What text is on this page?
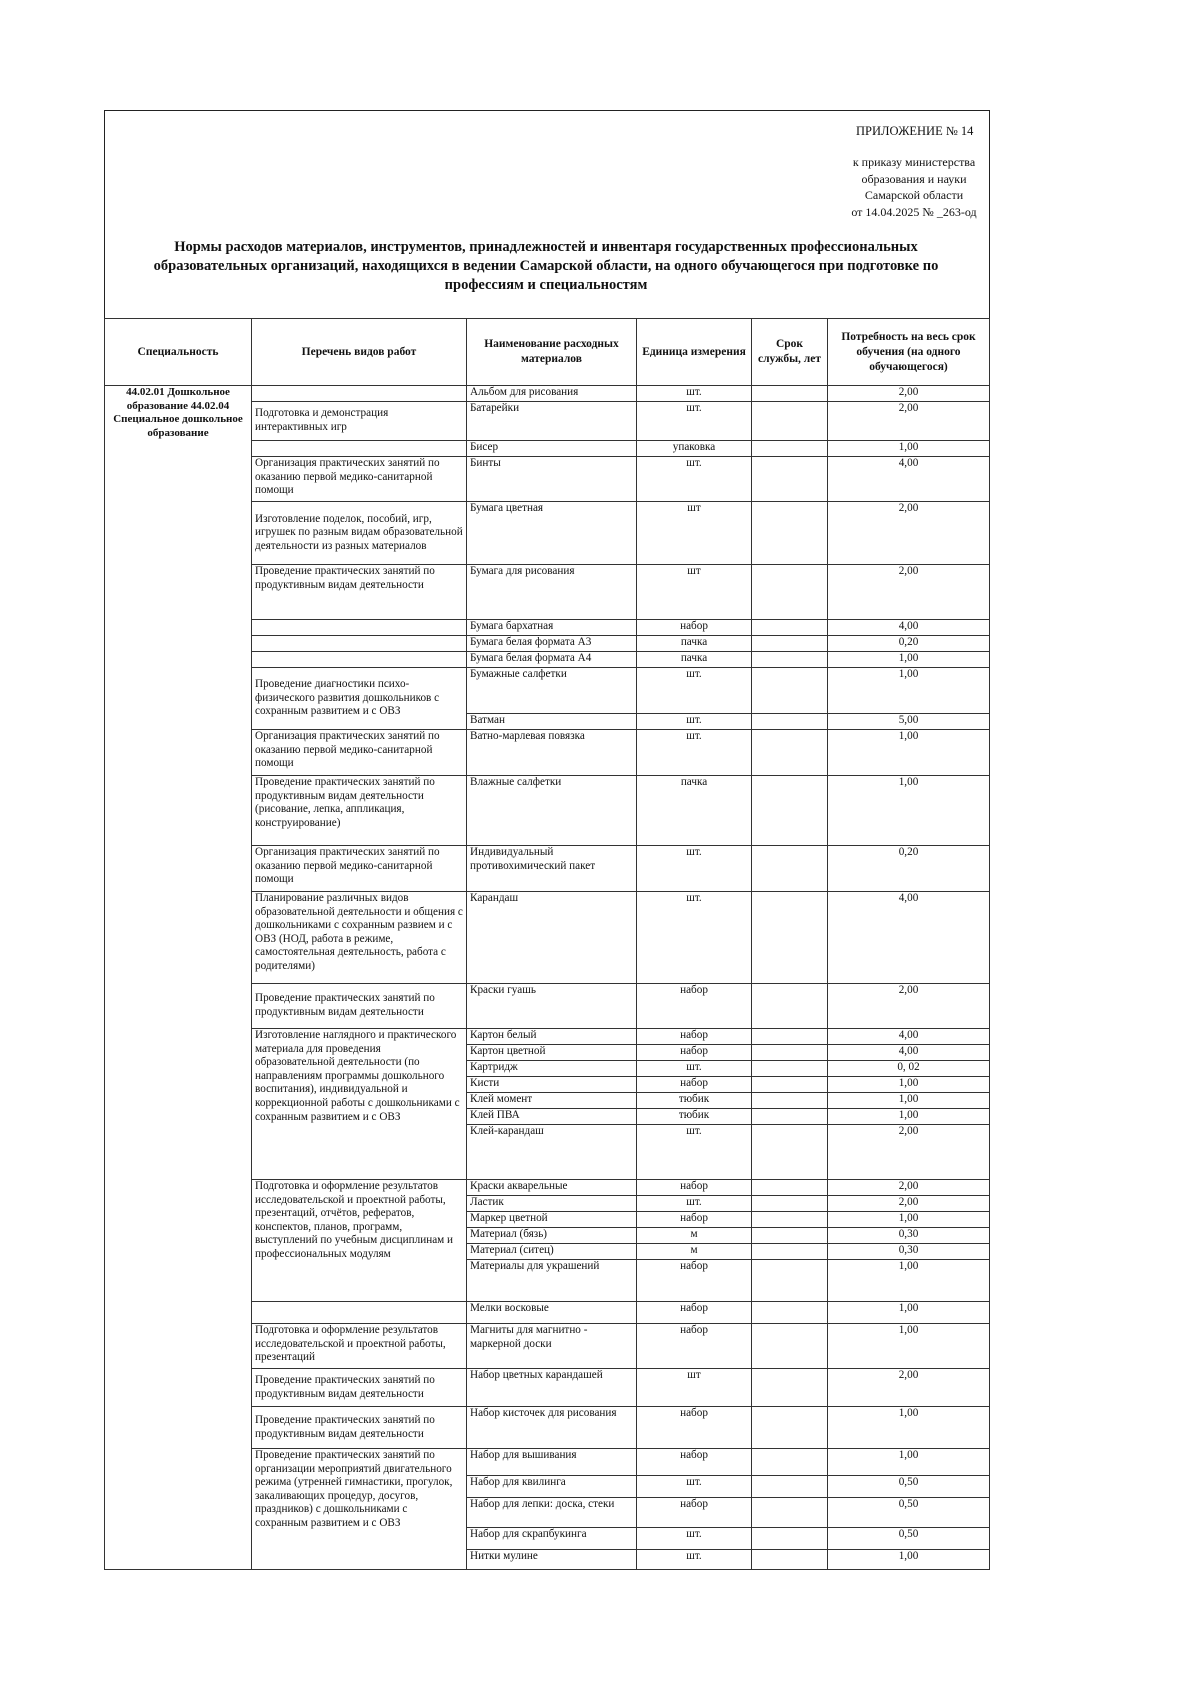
ПРИЛОЖЕНИЕ № 14
к приказу министерства
образования и науки
Самарской области
от 14.04.2025 № _263-од
Нормы расходов материалов, инструментов, принадлежностей и инвентаря государственных профессиональных
образовательных организаций, находящихся в ведении Самарской области, на одного обучающегося при подготовке по
профессиям и специальностям
Специальность	Перечень видов работ	Наименование расходных материалов	Единица измерения	Срок службы, лет	Потребность на весь срок обучения (на одного обучающегося)
44.02.01 Дошкольное образование 44.02.04 Специальное дошкольное образование		Альбом для рисования	шт.		2,00
	Подготовка и демонстрация интерактивных игр	Батарейки	шт.		2,00
		Бисер	упаковка		1,00
	Организация практических занятий по оказанию первой медико-санитарной помощи	Бинты	шт.		4,00
	Изготовление поделок, пособий, игр, игрушек по разным видам образовательной деятельности из разных материалов	Бумага цветная	шт		2,00
	Проведение практических занятий по продуктивным видам деятельности	Бумага для рисования	шт		2,00
		Бумага бархатная	набор		4,00
		Бумага белая формата А3	пачка		0,20
		Бумага белая формата А4	пачка		1,00
	Проведение диагностики психо-физического развития дошкольников с сохранным развитием и с ОВЗ	Бумажные салфетки	шт.		1,00
		Ватман	шт.		5,00
	Организация практических занятий по оказанию первой медико-санитарной помощи	Ватно-марлевая повязка	шт.		1,00
	Проведение практических занятий по продуктивным видам деятельности (рисование, лепка, аппликация, конструирование)	Влажные салфетки	пачка		1,00
	Организация практических занятий по оказанию первой медико-санитарной помощи	Индивидуальный противохимический пакет	шт.		0,20
	Планирование различных видов образовательной деятельности и общения с дошкольниками с сохранным развием и с ОВЗ (НОД, работа в режиме, самостоятельная деятельность, работа с родителями)	Карандаш	шт.		4,00
	Проведение практических занятий по продуктивным видам деятельности	Краски гуашь	набор		2,00
	Изготовление наглядного и практического материала для проведения образовательной деятельности (по направлениям программы дошкольного воспитания), индивидуальной и коррекционной работы с дошкольниками с сохранным развитием и с ОВЗ	Картон белый	набор		4,00
		Картон цветной	набор		4,00
		Картридж	шт.		0, 02
		Кисти	набор		1,00
		Клей момент	тюбик		1,00
		Клей ПВА	тюбик		1,00
		Клей-карандаш	шт.		2,00
	Подготовка и оформление результатов исследовательской и проектной работы, презентаций, отчётов, рефератов, конспектов, планов, программ, выступлений по учебным дисциплинам и профессиональных модулям	Краски акварельные	набор		2,00
		Ластик	шт.		2,00
		Маркер цветной	набор		1,00
		Материал (бязь)	м		0,30
		Материал (ситец)	м		0,30
		Материалы для украшений	набор		1,00
		Мелки восковые	набор		1,00
	Подготовка и оформление результатов исследовательской и проектной работы, презентаций	Магниты для магнитно - маркерной доски	набор		1,00
	Проведение практических занятий по продуктивным видам деятельности	Набор цветных карандашей	шт		2,00
	Проведение практических занятий по продуктивным видам деятельности	Набор кисточек для рисования	набор		1,00
	Проведение практических занятий по организации мероприятий двигательного режима (утренней гимнастики, прогулок, закаливающих процедур, досугов, праздников) с дошкольниками с сохранным развитием и с ОВЗ	Набор для вышивания	набор		1,00
		Набор для квилинга	шт.		0,50
		Набор для лепки: доска, стеки	набор		0,50
		Набор для скрапбукинга	шт.		0,50
		Нитки мулине	шт.		1,00
